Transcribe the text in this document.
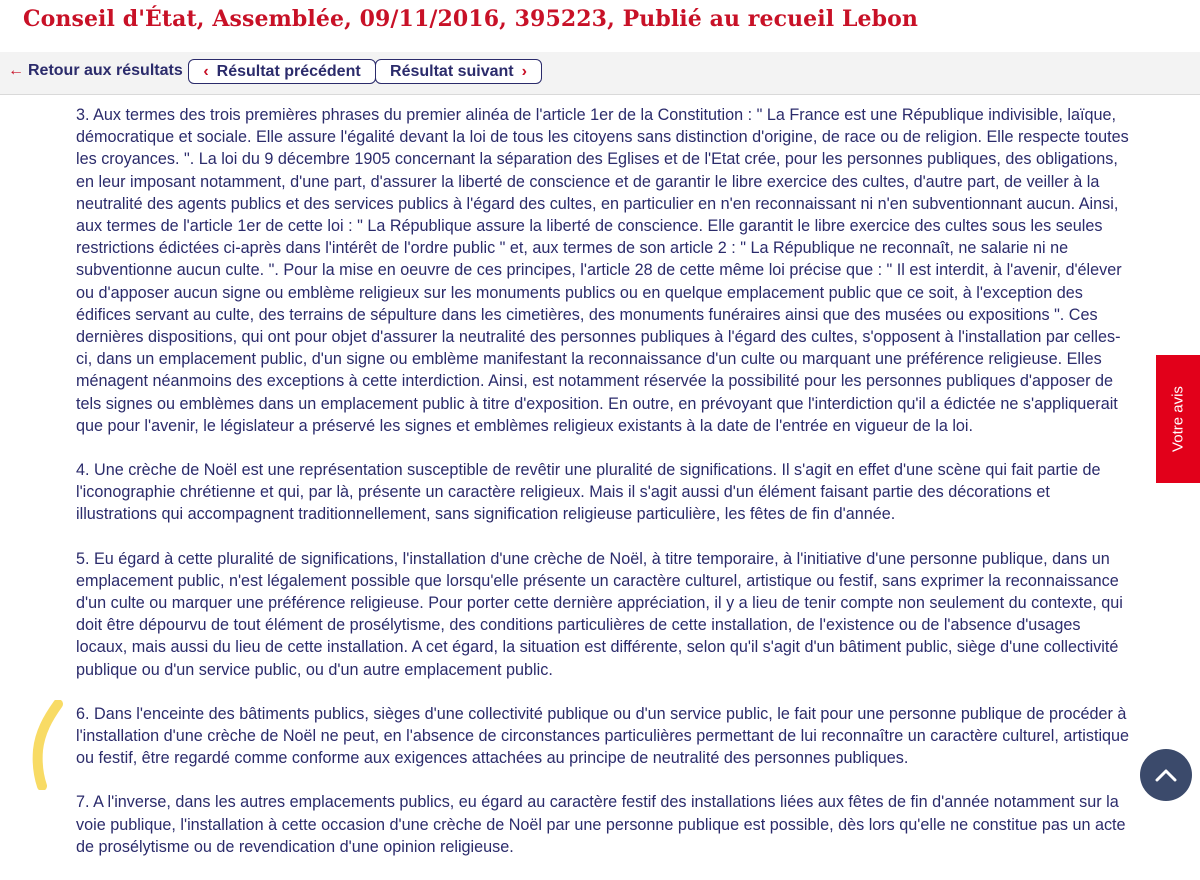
Conseil d'État, Assemblée, 09/11/2016, 395223, Publié au recueil Lebon
← Retour aux résultats ‹ Résultat précédent Résultat suivant ›

3. Aux termes des trois premières phrases du premier alinéa de l'article 1er de la Constitution : " La France est une République indivisible, laïque, démocratique et sociale. Elle assure l'égalité devant la loi de tous les citoyens sans distinction d'origine, de race ou de religion. Elle respecte toutes les croyances. ". La loi du 9 décembre 1905 concernant la séparation des Eglises et de l'Etat crée, pour les personnes publiques, des obligations, en leur imposant notamment, d'une part, d'assurer la liberté de conscience et de garantir le libre exercice des cultes, d'autre part, de veiller à la neutralité des agents publics et des services publics à l'égard des cultes, en particulier en n'en reconnaissant ni n'en subventionnant aucun. Ainsi, aux termes de l'article 1er de cette loi : " La République assure la liberté de conscience. Elle garantit le libre exercice des cultes sous les seules restrictions édictées ci-après dans l'intérêt de l'ordre public " et, aux termes de son article 2 : " La République ne reconnaît, ne salarie ni ne subventionne aucun culte. ". Pour la mise en oeuvre de ces principes, l'article 28 de cette même loi précise que : " Il est interdit, à l'avenir, d'élever ou d'apposer aucun signe ou emblème religieux sur les monuments publics ou en quelque emplacement public que ce soit, à l'exception des édifices servant au culte, des terrains de sépulture dans les cimetières, des monuments funéraires ainsi que des musées ou expositions ". Ces dernières dispositions, qui ont pour objet d'assurer la neutralité des personnes publiques à l'égard des cultes, s'opposent à l'installation par celles-ci, dans un emplacement public, d'un signe ou emblème manifestant la reconnaissance d'un culte ou marquant une préférence religieuse. Elles ménagent néanmoins des exceptions à cette interdiction. Ainsi, est notamment réservée la possibilité pour les personnes publiques d'apposer de tels signes ou emblèmes dans un emplacement public à titre d'exposition. En outre, en prévoyant que l'interdiction qu'il a édictée ne s'appliquerait que pour l'avenir, le législateur a préservé les signes et emblèmes religieux existants à la date de l'entrée en vigueur de la loi.

4. Une crèche de Noël est une représentation susceptible de revêtir une pluralité de significations. Il s'agit en effet d'une scène qui fait partie de l'iconographie chrétienne et qui, par là, présente un caractère religieux. Mais il s'agit aussi d'un élément faisant partie des décorations et illustrations qui accompagnent traditionnellement, sans signification religieuse particulière, les fêtes de fin d'année.

5. Eu égard à cette pluralité de significations, l'installation d'une crèche de Noël, à titre temporaire, à l'initiative d'une personne publique, dans un emplacement public, n'est légalement possible que lorsqu'elle présente un caractère culturel, artistique ou festif, sans exprimer la reconnaissance d'un culte ou marquer une préférence religieuse. Pour porter cette dernière appréciation, il y a lieu de tenir compte non seulement du contexte, qui doit être dépourvu de tout élément de prosélytisme, des conditions particulières de cette installation, de l'existence ou de l'absence d'usages locaux, mais aussi du lieu de cette installation. A cet égard, la situation est différente, selon qu'il s'agit d'un bâtiment public, siège d'une collectivité publique ou d'un service public, ou d'un autre emplacement public.

6. Dans l'enceinte des bâtiments publics, sièges d'une collectivité publique ou d'un service public, le fait pour une personne publique de procéder à l'installation d'une crèche de Noël ne peut, en l'absence de circonstances particulières permettant de lui reconnaître un caractère culturel, artistique ou festif, être regardé comme conforme aux exigences attachées au principe de neutralité des personnes publiques.

7. A l'inverse, dans les autres emplacements publics, eu égard au caractère festif des installations liées aux fêtes de fin d'année notamment sur la voie publique, l'installation à cette occasion d'une crèche de Noël par une personne publique est possible, dès lors qu'elle ne constitue pas un acte de prosélytisme ou de revendication d'une opinion religieuse.

Votre avis
